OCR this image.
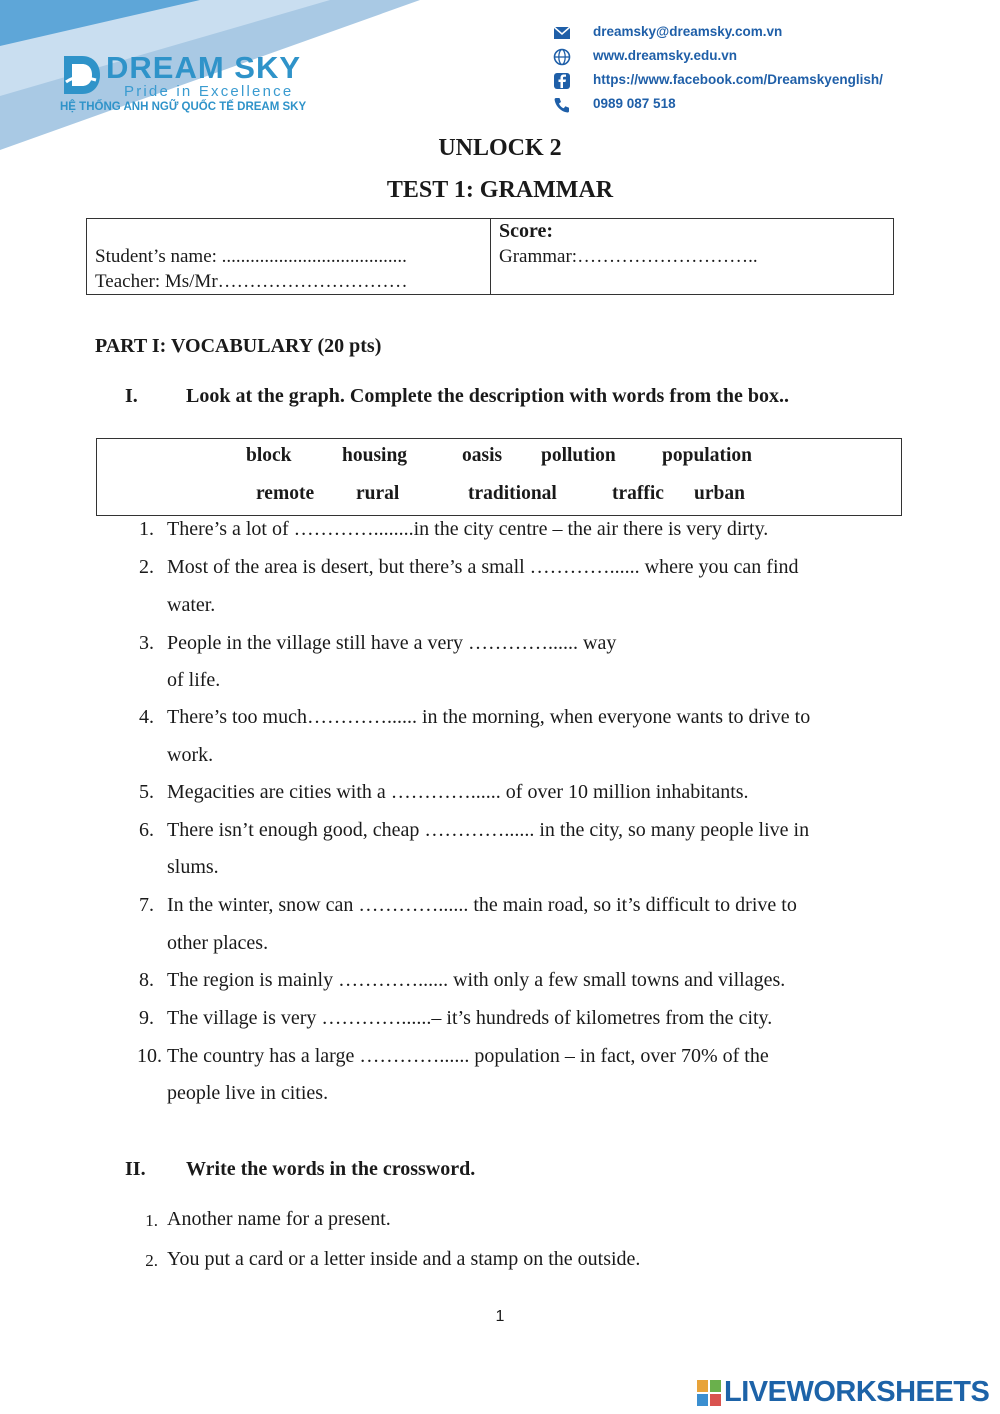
DREAM SKY
Pride in Excellence
HỆ THỐNG ANH NGỮ QUỐC TẾ DREAM SKY
dreamsky@dreamsky.com.vn
www.dreamsky.edu.vn
https://www.facebook.com/Dreamskyenglish/
0989 087 518
UNLOCK 2
TEST 1: GRAMMAR
Student’s name: .......................................
Teacher: Ms/Mr…………………………
Score:
Grammar:………………………..
PART I: VOCABULARY (20 pts)
I. Look at the graph. Complete the description with words from the box..
block	housing	oasis pollution population
remote rural	traditional	traffic urban
1. There’s a lot of …………........in the city centre – the air there is very dirty.
2. Most of the area is desert, but there’s a small …………...... where you can find
water.
3. People in the village still have a very …………...... way
of life.
4. There’s too much…………...... in the morning, when everyone wants to drive to
work.
5. Megacities are cities with a …………...... of over 10 million inhabitants.
6. There isn’t enough good, cheap …………...... in the city, so many people live in
slums.
7. In the winter, snow can …………...... the main road, so it’s difficult to drive to
other places.
8. The region is mainly …………...... with only a few small towns and villages.
9. The village is very …………......– it’s hundreds of kilometres from the city.
10. The country has a large …………...... population – in fact, over 70% of the
people live in cities.
II. Write the words in the crossword.
1. Another name for a present.
2. You put a card or a letter inside and a stamp on the outside.
1
LIVEWORKSHEETS
